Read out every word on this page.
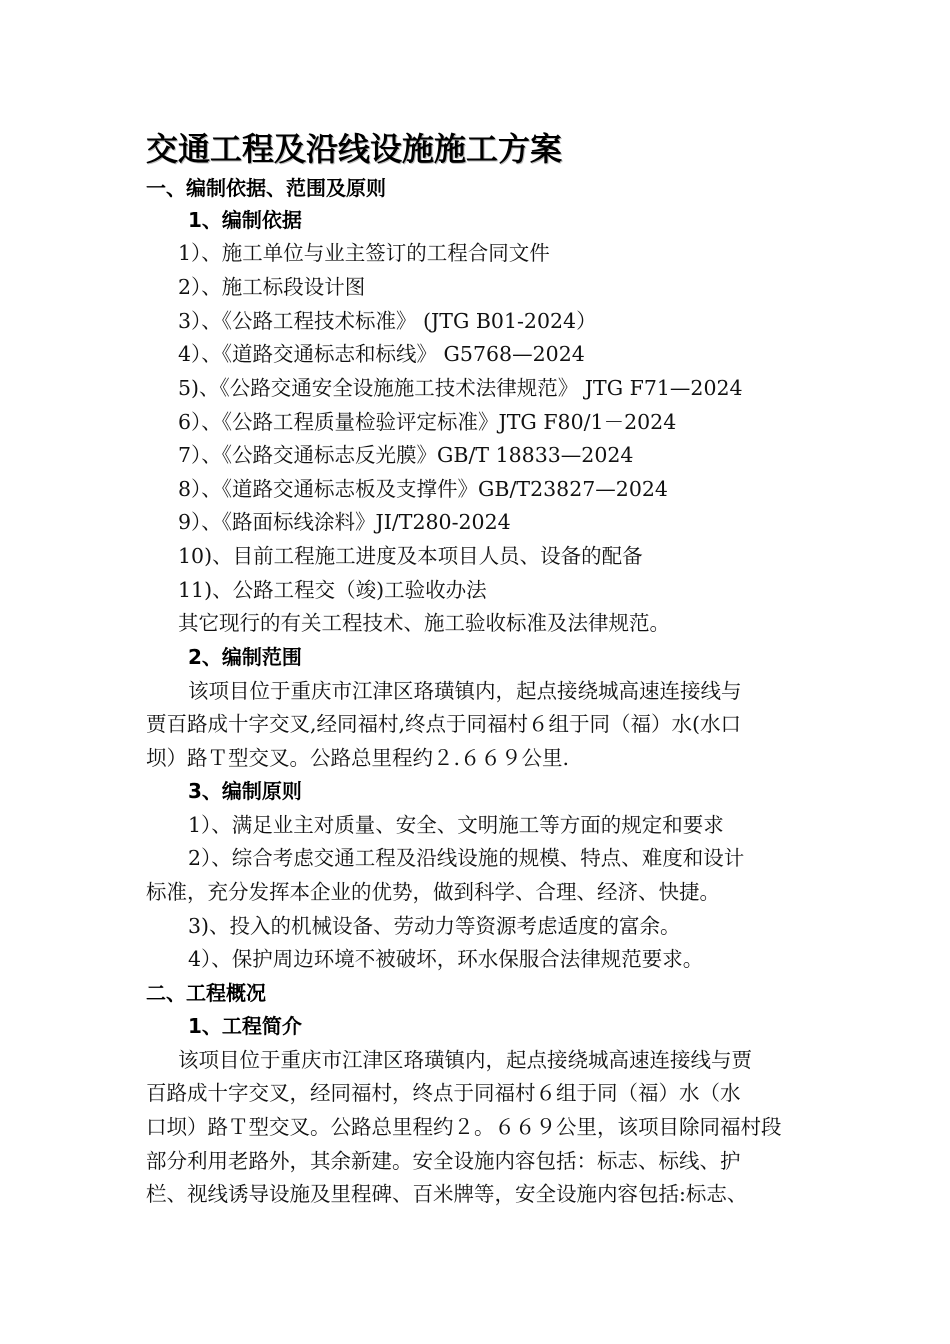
交通工程及沿线设施施工方案
一、编制依据、范围及原则
1、编制依据
1）、施工单位与业主签订的工程合同文件
2）、施工标段设计图
3）、《公路工程技术标准》 (JTG B01-2024）
4）、《道路交通标志和标线》 G5768—2024
5)、《公路交通安全设施施工技术法律规范》 JTG F71—2024
6）、《公路工程质量检验评定标准》JTG F80/1－2024
7）、《公路交通标志反光膜》GB/T 18833—2024
8）、《道路交通标志板及支撑件》GB/T23827—2024
9）、《路面标线涂料》JI/T280-2024
10)、目前工程施工进度及本项目人员、设备的配备
11)、公路工程交（竣)工验收办法
其它现行的有关工程技术、施工验收标准及法律规范。
2、编制范围
该项目位于重庆市江津区珞璜镇内，起点接绕城高速连接线与
贾百路成十字交叉,经同福村,终点于同福村６组于同（福）水(水口
坝）路Ｔ型交叉。公路总里程约２.６６９公里.
3、编制原则
1）、满足业主对质量、安全、文明施工等方面的规定和要求
2）、综合考虑交通工程及沿线设施的规模、特点、难度和设计
标准，充分发挥本企业的优势，做到科学、合理、经济、快捷。
3)、投入的机械设备、劳动力等资源考虑适度的富余。
4）、保护周边环境不被破坏，环水保服合法律规范要求。
二、工程概况
1、工程简介
该项目位于重庆市江津区珞璜镇内，起点接绕城高速连接线与贾
百路成十字交叉，经同福村，终点于同福村６组于同（福）水（水
口坝）路Ｔ型交叉。公路总里程约２。６６９公里，该项目除同福村段
部分利用老路外，其余新建。安全设施内容包括：标志、标线、护
栏、视线诱导设施及里程碑、百米牌等，安全设施内容包括:标志、
